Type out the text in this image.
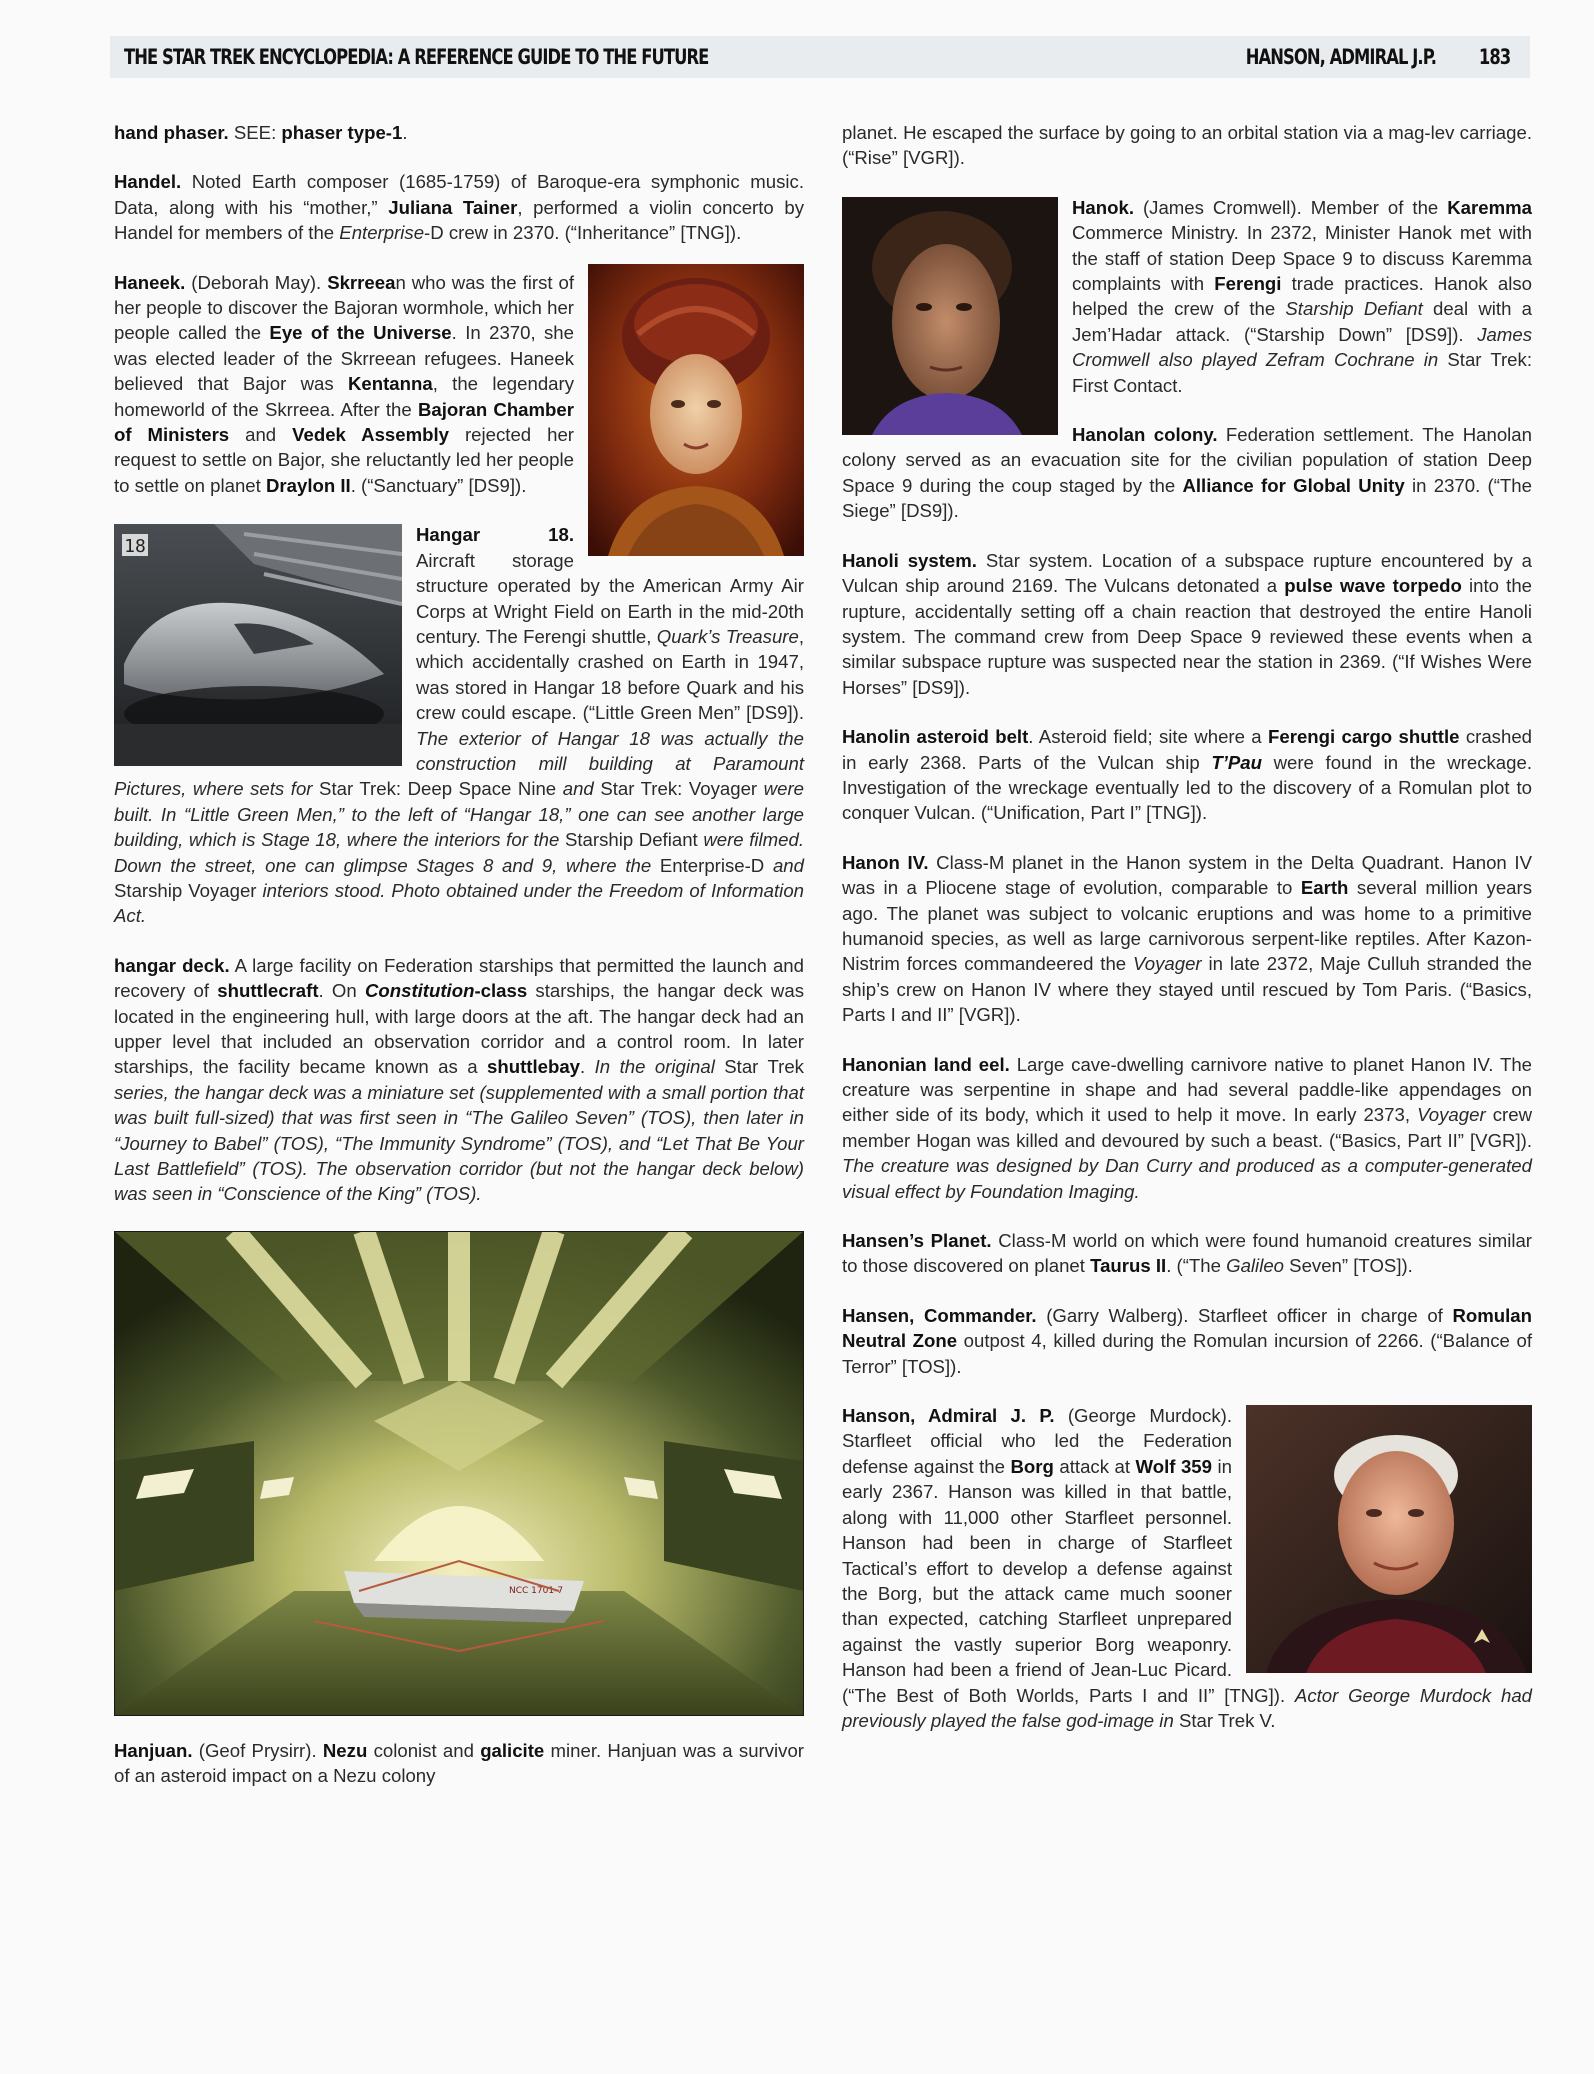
THE STAR TREK ENCYCLOPEDIA: A REFERENCE GUIDE TO THE FUTURE	HANSON, ADMIRAL J.P. 183

hand phaser. SEE: phaser type-1.

Handel. Noted Earth composer (1685-1759) of Baroque-era symphonic music. Data, along with his “mother,” Juliana Tainer, performed a violin concerto by Handel for members of the Enterprise-D crew in 2370. (“Inheritance” [TNG]).

Haneek. (Deborah May). Skrreean who was the first of her people to discover the Bajoran wormhole, which her people called the Eye of the Universe. In 2370, she was elected leader of the Skrreean refugees. Haneek believed that Bajor was Kentanna, the legendary homeworld of the Skrreea. After the Bajoran Chamber of Ministers and Vedek Assembly rejected her request to settle on Bajor, she reluctantly led her people to settle on planet Draylon II. (“Sanctuary” [DS9]).

18
Hangar 18. Aircraft storage structure operated by the American Army Air Corps at Wright Field on Earth in the mid-20th century. The Ferengi shuttle, Quark’s Treasure, which accidentally crashed on Earth in 1947, was stored in Hangar 18 before Quark and his crew could escape. (“Little Green Men” [DS9]). The exterior of Hangar 18 was actually the construction mill building at Paramount Pictures, where sets for Star Trek: Deep Space Nine and Star Trek: Voyager were built. In “Little Green Men,” to the left of “Hangar 18,” one can see another large building, which is Stage 18, where the interiors for the Starship Defiant were filmed. Down the street, one can glimpse Stages 8 and 9, where the Enterprise-D and Starship Voyager interiors stood. Photo obtained under the Freedom of Information Act.

hangar deck. A large facility on Federation starships that permitted the launch and recovery of shuttlecraft. On Constitution-class starships, the hangar deck was located in the engineering hull, with large doors at the aft. The hangar deck had an upper level that included an observation corridor and a control room. In later starships, the facility became known as a shuttlebay. In the original Star Trek series, the hangar deck was a miniature set (supplemented with a small portion that was built full-sized) that was first seen in “The Galileo Seven” (TOS), then later in “Journey to Babel” (TOS), “The Immunity Syndrome” (TOS), and “Let That Be Your Last Battlefield” (TOS). The observation corridor (but not the hangar deck below) was seen in “Conscience of the King” (TOS).

NCC 1701-7

Hanjuan. (Geof Prysirr). Nezu colonist and galicite miner. Hanjuan was a survivor of an asteroid impact on a Nezu colony

planet. He escaped the surface by going to an orbital station via a mag-lev carriage. (“Rise” [VGR]).

Hanok. (James Cromwell). Member of the Karemma Commerce Ministry. In 2372, Minister Hanok met with the staff of station Deep Space 9 to discuss Karemma complaints with Ferengi trade practices. Hanok also helped the crew of the Starship Defiant deal with a Jem’Hadar attack. (“Starship Down” [DS9]). James Cromwell also played Zefram Cochrane in Star Trek: First Contact.

Hanolan colony. Federation settlement. The Hanolan colony served as an evacuation site for the civilian population of station Deep Space 9 during the coup staged by the Alliance for Global Unity in 2370. (“The Siege” [DS9]).

Hanoli system. Star system. Location of a subspace rupture encountered by a Vulcan ship around 2169. The Vulcans detonated a pulse wave torpedo into the rupture, accidentally setting off a chain reaction that destroyed the entire Hanoli system. The command crew from Deep Space 9 reviewed these events when a similar subspace rupture was suspected near the station in 2369. (“If Wishes Were Horses” [DS9]).

Hanolin asteroid belt. Asteroid field; site where a Ferengi cargo shuttle crashed in early 2368. Parts of the Vulcan ship T’Pau were found in the wreckage. Investigation of the wreckage eventually led to the discovery of a Romulan plot to conquer Vulcan. (“Unification, Part I” [TNG]).

Hanon IV. Class-M planet in the Hanon system in the Delta Quadrant. Hanon IV was in a Pliocene stage of evolution, comparable to Earth several million years ago. The planet was subject to volcanic eruptions and was home to a primitive humanoid species, as well as large carnivorous serpent-like reptiles. After Kazon-Nistrim forces commandeered the Voyager in late 2372, Maje Culluh stranded the ship’s crew on Hanon IV where they stayed until rescued by Tom Paris. (“Basics, Parts I and II” [VGR]).

Hanonian land eel. Large cave-dwelling carnivore native to planet Hanon IV. The creature was serpentine in shape and had several paddle-like appendages on either side of its body, which it used to help it move. In early 2373, Voyager crew member Hogan was killed and devoured by such a beast. (“Basics, Part II” [VGR]). The creature was designed by Dan Curry and produced as a computer-generated visual effect by Foundation Imaging.

Hansen’s Planet. Class-M world on which were found humanoid creatures similar to those discovered on planet Taurus II. (“The Galileo Seven” [TOS]).

Hansen, Commander. (Garry Walberg). Starfleet officer in charge of Romulan Neutral Zone outpost 4, killed during the Romulan incursion of 2266. (“Balance of Terror” [TOS]).

Hanson, Admiral J. P. (George Murdock). Starfleet official who led the Federation defense against the Borg attack at Wolf 359 in early 2367. Hanson was killed in that battle, along with 11,000 other Starfleet personnel. Hanson had been in charge of Starfleet Tactical’s effort to develop a defense against the Borg, but the attack came much sooner than expected, catching Starfleet unprepared against the vastly superior Borg weaponry. Hanson had been a friend of Jean-Luc Picard. (“The Best of Both Worlds, Parts I and II” [TNG]). Actor George Murdock had previously played the false god-image in Star Trek V.
